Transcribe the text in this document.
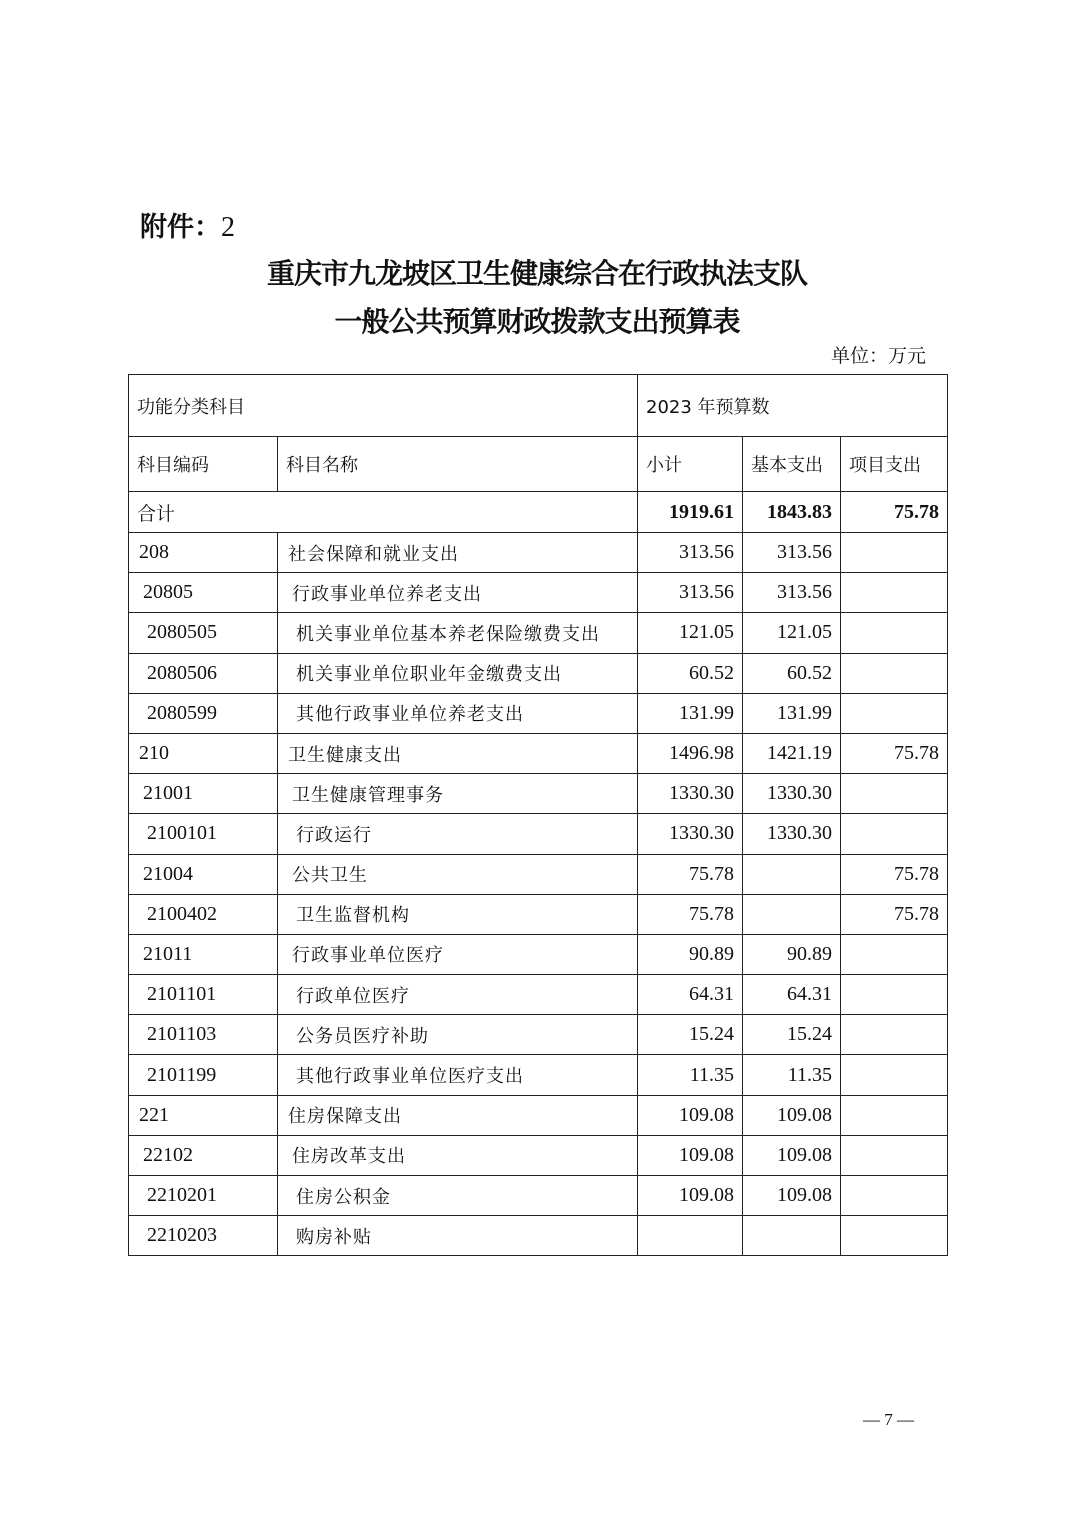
附件：2
重庆市九龙坡区卫生健康综合在行政执法支队
一般公共预算财政拨款支出预算表
单位：万元
功能分类科目		2023 年预算数		
科目编码	科目名称	小计	基本支出	项目支出
合计		1919.61	1843.83	75.78
208	社会保障和就业支出	313.56	313.56	
20805	行政事业单位养老支出	313.56	313.56	
2080505	机关事业单位基本养老保险缴费支出	121.05	121.05	
2080506	机关事业单位职业年金缴费支出	60.52	60.52	
2080599	其他行政事业单位养老支出	131.99	131.99	
210	卫生健康支出	1496.98	1421.19	75.78
21001	卫生健康管理事务	1330.30	1330.30	
2100101	行政运行	1330.30	1330.30	
21004	公共卫生	75.78		75.78
2100402	卫生监督机构	75.78		75.78
21011	行政事业单位医疗	90.89	90.89	
2101101	行政单位医疗	64.31	64.31	
2101103	公务员医疗补助	15.24	15.24	
2101199	其他行政事业单位医疗支出	11.35	11.35	
221	住房保障支出	109.08	109.08	
22102	住房改革支出	109.08	109.08	
2210201	住房公积金	109.08	109.08	
2210203	购房补贴			
— 7 —
